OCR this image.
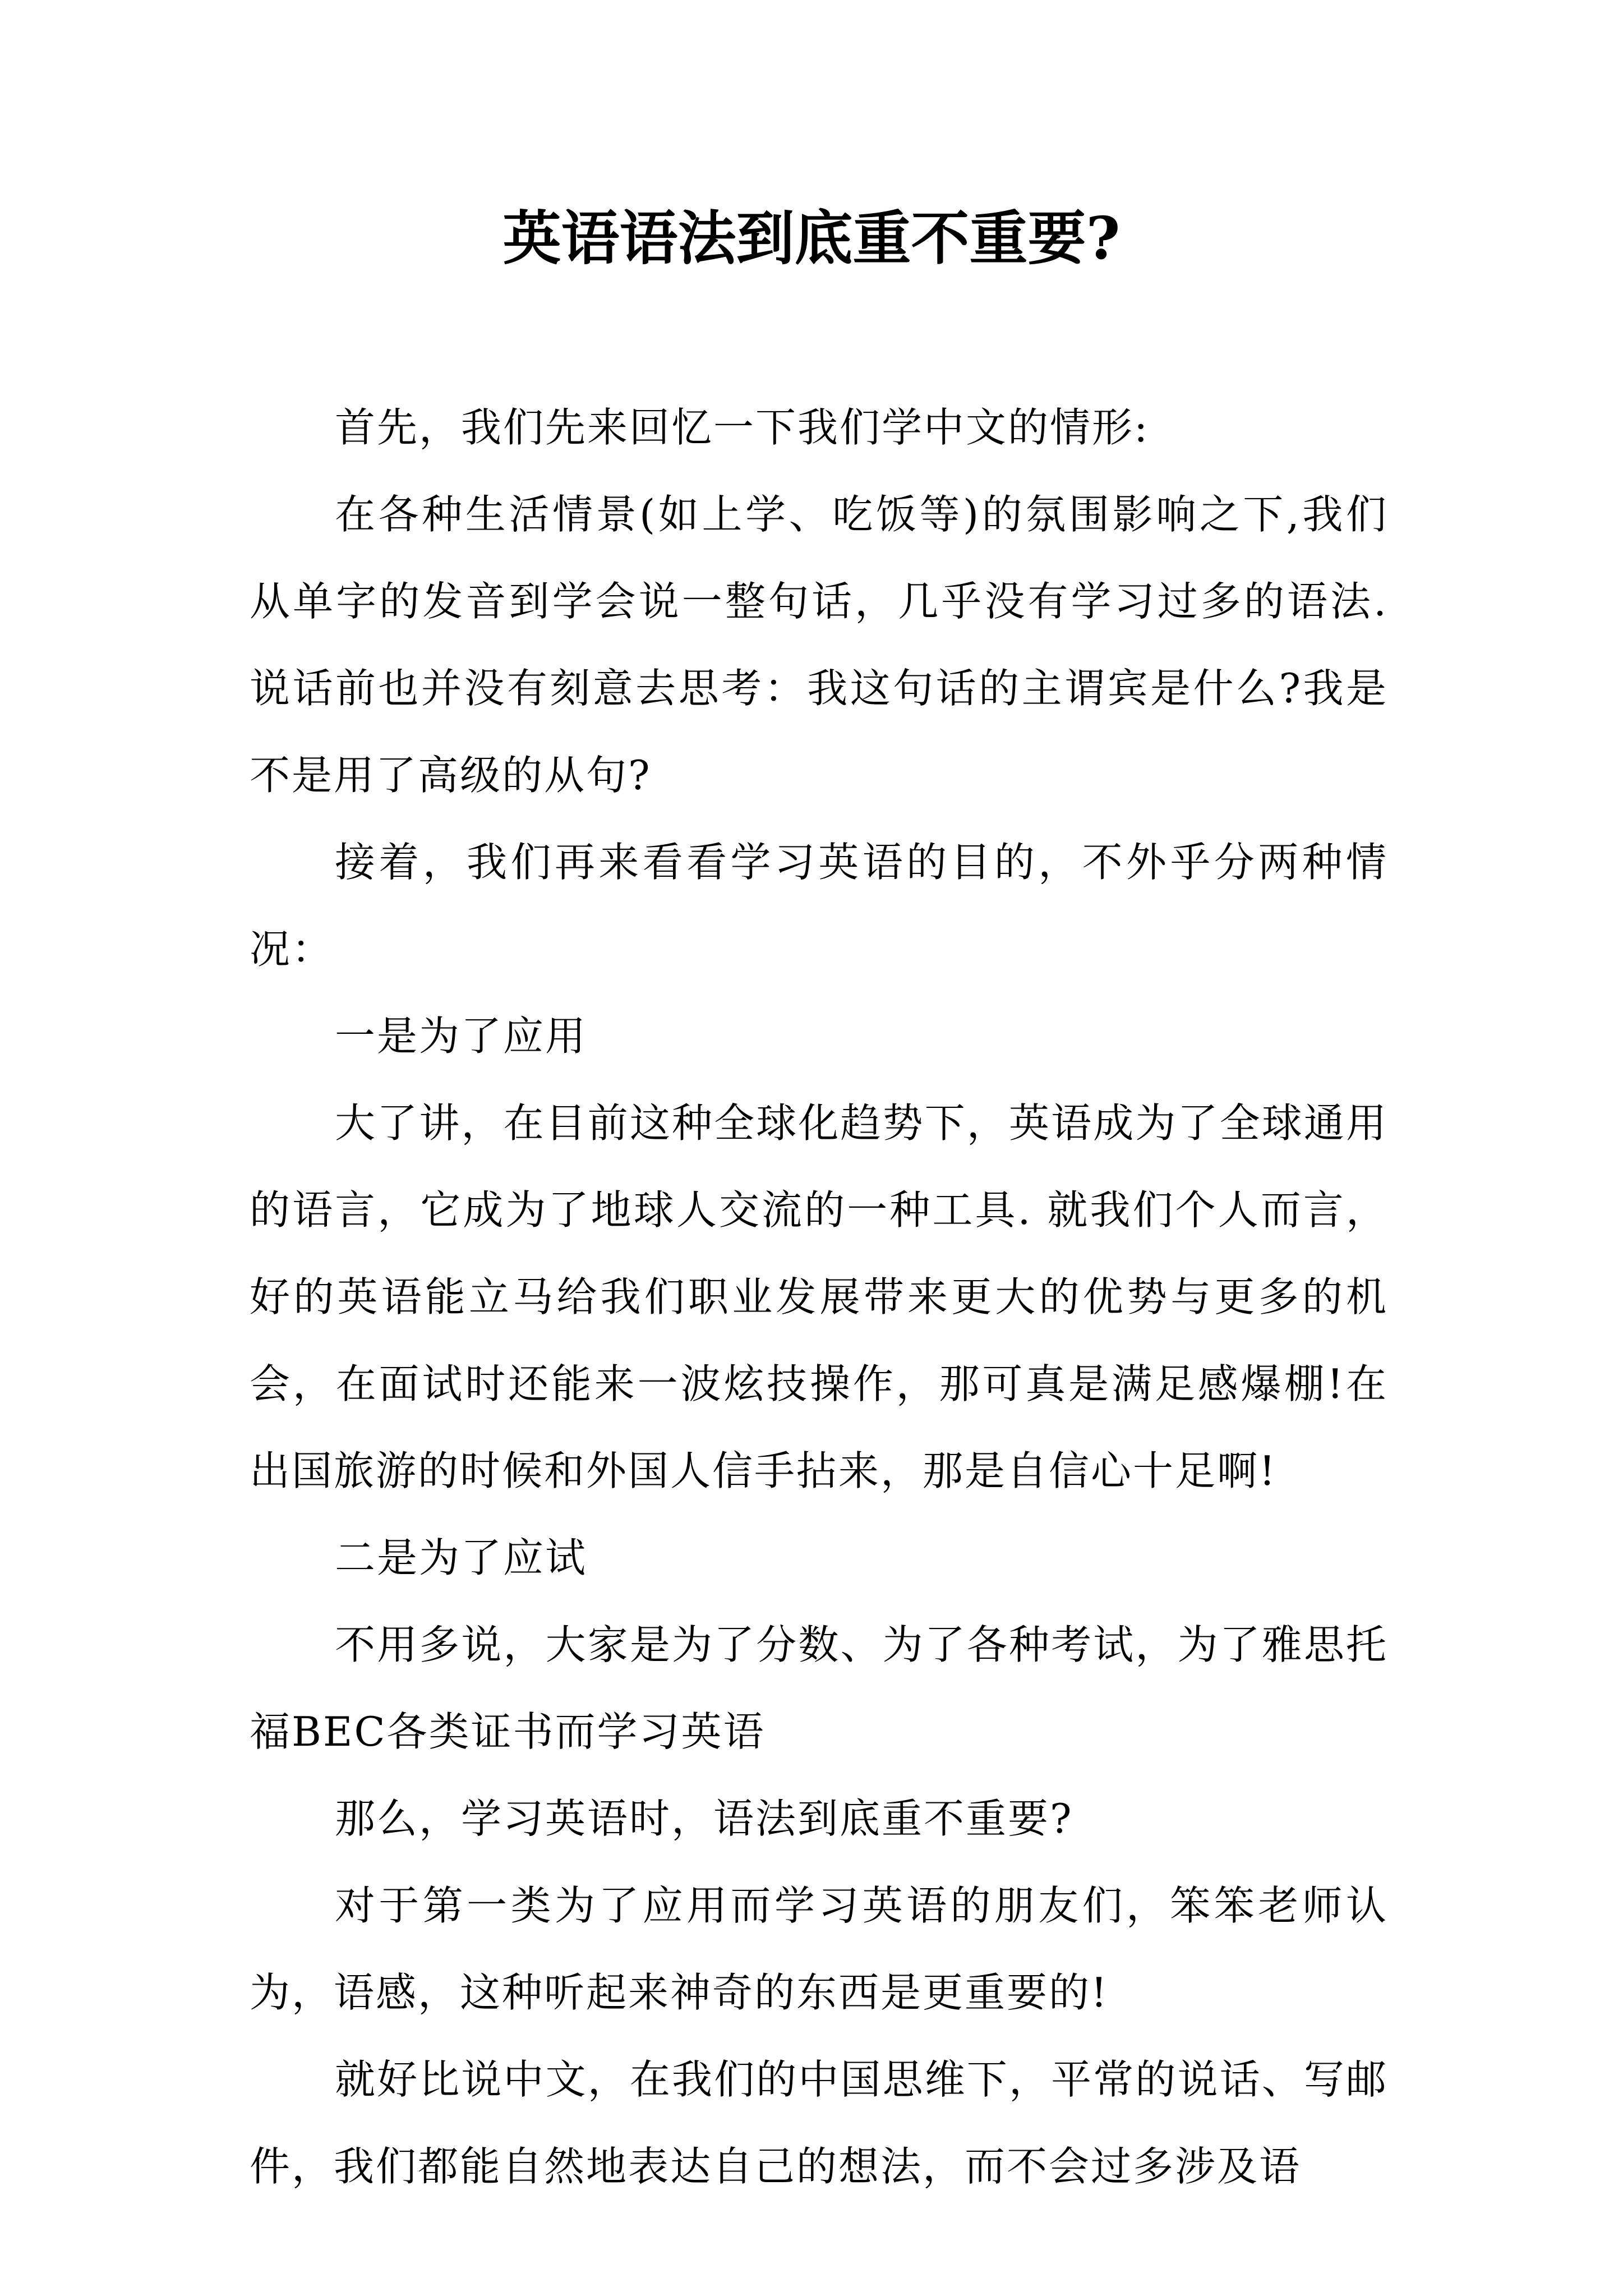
英语语法到底重不重要?

首先，我们先来回忆一下我们学中文的情形:

在各种生活情景(如上学、吃饭等)的氛围影响之下,我们从单字的发音到学会说一整句话，几乎没有学习过多的语法. 说话前也并没有刻意去思考：我这句话的主谓宾是什么?我是不是用了高级的从句?

接着，我们再来看看学习英语的目的，不外乎分两种情况：

一是为了应用

大了讲，在目前这种全球化趋势下，英语成为了全球通用的语言，它成为了地球人交流的一种工具. 就我们个人而言，好的英语能立马给我们职业发展带来更大的优势与更多的机会，在面试时还能来一波炫技操作，那可真是满足感爆棚!在出国旅游的时候和外国人信手拈来，那是自信心十足啊!

二是为了应试

不用多说，大家是为了分数、为了各种考试，为了雅思托福BEC各类证书而学习英语

那么，学习英语时，语法到底重不重要?

对于第一类为了应用而学习英语的朋友们，笨笨老师认为，语感，这种听起来神奇的东西是更重要的!

就好比说中文，在我们的中国思维下，平常的说话、写邮件，我们都能自然地表达自己的想法，而不会过多涉及语
